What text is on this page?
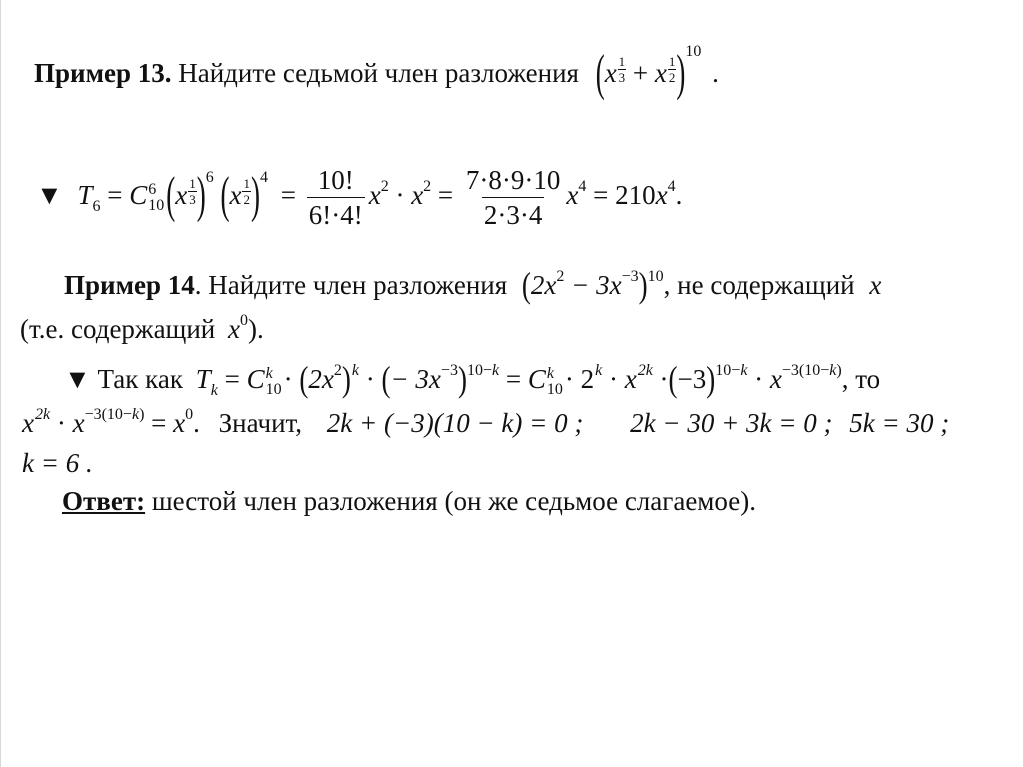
Пример 13. Найдите седьмой член разложения $(x \frac{1}{3} + x \frac{1}{2} )^{10}$ .
▼ $T_6 = C$ 6
10 $(x \frac{1}{3} )^6$ $(x \frac{1}{2} )^4 = \frac{10!}{6!\cdot 4!} x^2 \cdot x^2 = \frac{7\cdot 8\cdot 9\cdot 10}{2\cdot 3\cdot 4} x^4 = 210x^4$.
Пример 14. Найдите член разложения $(2x^2 - 3x^{-3})^{10}$, не содержащий x
(т.е. содержащий $x^0$).
▼ Так как $T_k = C$ k
$10 \cdot (2x^2)^k$ · (− $3x^{-3})^{10-k} = C$ k
$10 \cdot 2^k \cdot x^{2k} \cdot(-3)^{10-k} \cdot x^{-3(10-k)}$, то
$x^{2k} \cdot x^{-3(10-k)} = x^0$. Значит, 2k + (−3)(10 − k) = 0 ; 2k − 30 + 3k = 0 ; 5k = 30 ;
k = 6 .
Ответ: шестой член разложения (он же седьмое слагаемое).
